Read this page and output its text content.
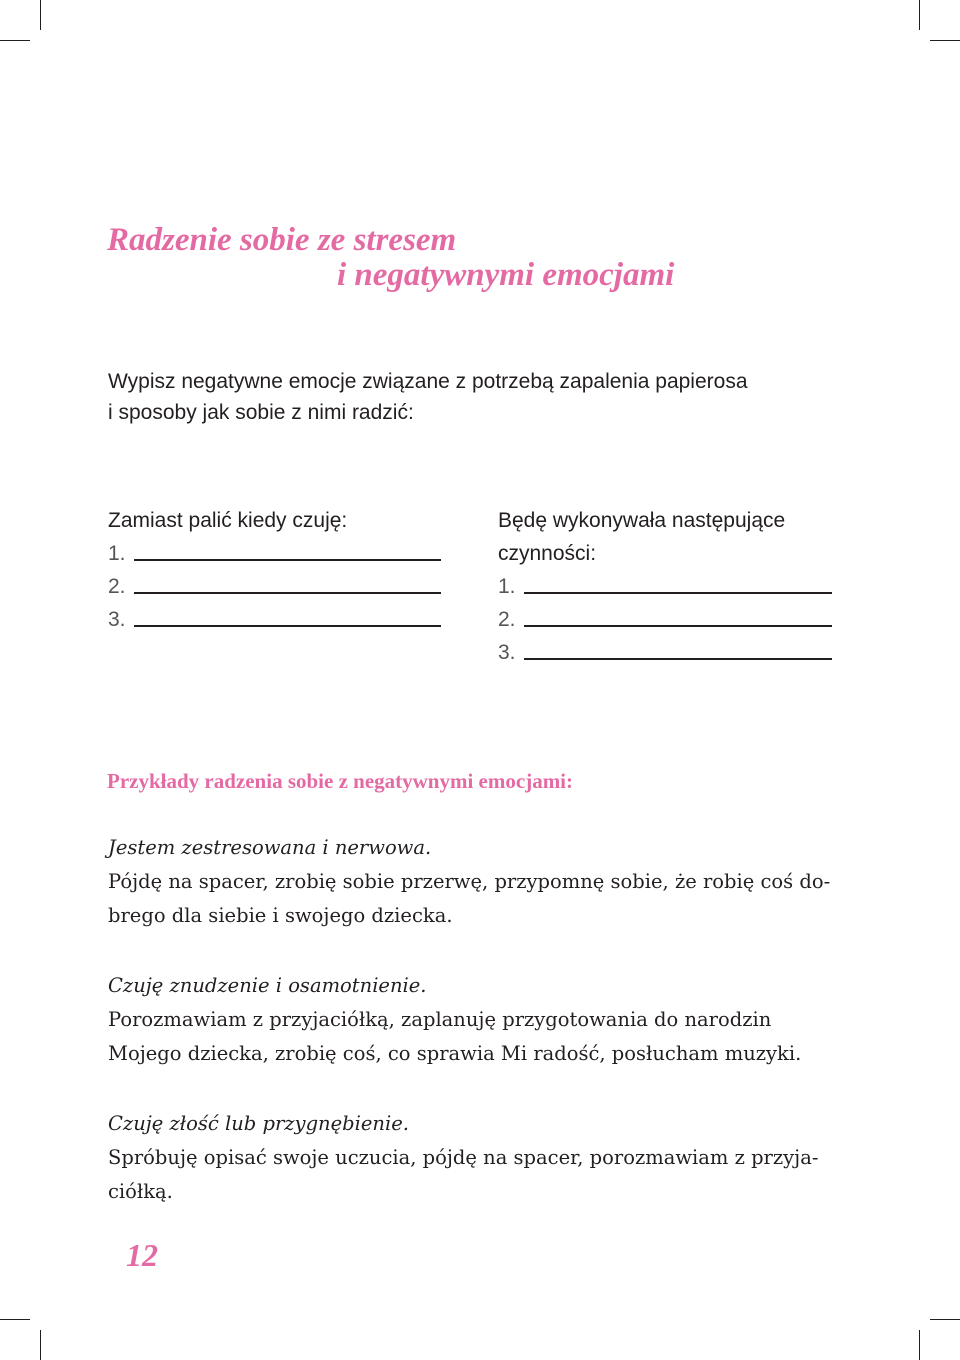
Radzenie sobie ze stresem
i negatywnymi emocjami

Wypisz negatywne emocje związane z potrzebą zapalenia papierosa
i sposoby jak sobie z nimi radzić:

Zamiast palić kiedy czuję:
1.
2.
3.
Będę wykonywała następujące
czynności:
1.
2.
3.
Przykłady radzenia sobie z negatywnymi emocjami:
Jestem zestresowana i nerwowa.
Pójdę na spacer, zrobię sobie przerwę, przypomnę sobie, że robię coś do-
brego dla siebie i swojego dziecka.
Czuję znudzenie i osamotnienie.
Porozmawiam z przyjaciółką, zaplanuję przygotowania do narodzin
Mojego dziecka, zrobię coś, co sprawia Mi radość, posłucham muzyki.
Czuję złość lub przygnębienie.
Spróbuję opisać swoje uczucia, pójdę na spacer, porozmawiam z przyja-
ciółką.
12
